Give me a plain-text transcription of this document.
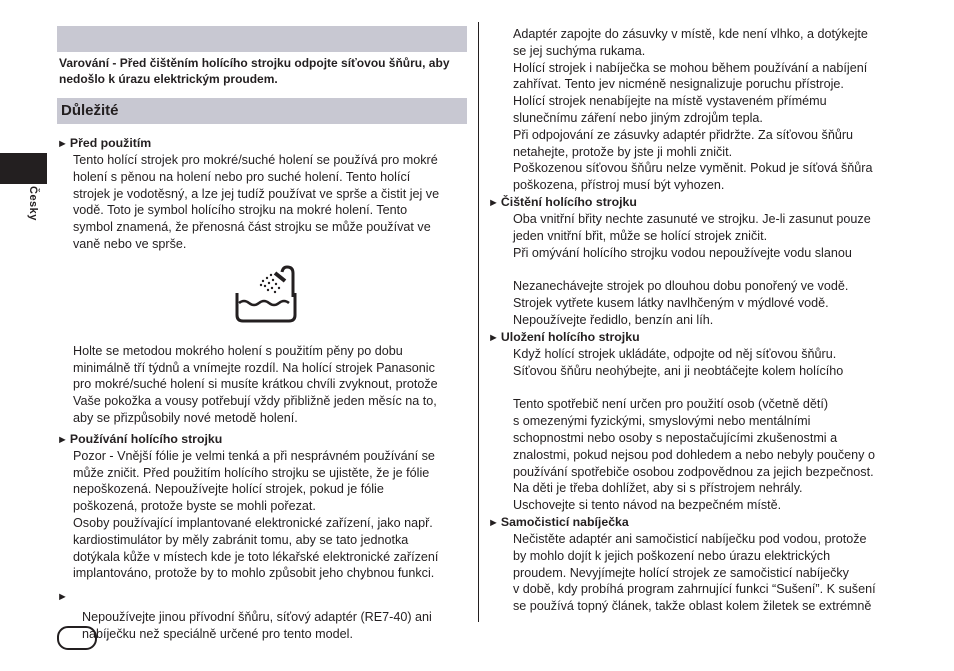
Česky

Varování - Před čištěním holícího strojku odpojte síťovou šňůru, aby nedošlo k úrazu elektrickým proudem.

Důležité

► Před použitím

Tento holící strojek pro mokré/suché holení se používá pro mokré

holení s pěnou na holení nebo pro suché holení. Tento holící

strojek je vodotěsný, a lze jej tudíž používat ve sprše a čistit jej ve

vodě. Toto je symbol holícího strojku na mokré holení. Tento

symbol znamená, že přenosná část strojku se může používat ve

vaně nebo ve sprše.

Holte se metodou mokrého holení s použitím pěny po dobu

minimálně tří týdnů a vnímejte rozdíl. Na holící strojek Panasonic

pro mokré/suché holení si musíte krátkou chvíli zvyknout, protože

Vaše pokožka a vousy potřebují vždy přibližně jeden měsíc na to,

aby se přizpůsobily nové metodě holení.

► Používání holícího strojku

Pozor - Vnější fólie je velmi tenká a při nesprávném používání se

může zničit. Před použitím holícího strojku se ujistěte, že je fólie

nepoškozená. Nepoužívejte holící strojek, pokud je fólie

poškozená, protože byste se mohli pořezat.

Osoby používající implantované elektronické zařízení, jako např.

kardiostimulátor by měly zabránit tomu, aby se tato jednotka

dotýkala kůže v místech kde je toto lékařské elektronické zařízení

implantováno, protože by to mohlo způsobit jeho chybnou funkci.

►

Nepoužívejte jinou přívodní šňůru, síťový adaptér (RE7-40) ani

nabíječku než speciálně určené pro tento model.

Adaptér zapojte do zásuvky v místě, kde není vlhko, a dotýkejte

se jej suchýma rukama.

Holící strojek i nabíječka se mohou během používání a nabíjení

zahřívat. Tento jev nicméně nesignalizuje poruchu přístroje.

Holící strojek nenabíjejte na místě vystaveném přímému

slunečnímu záření nebo jiným zdrojům tepla.

Při odpojování ze zásuvky adaptér přidržte. Za síťovou šňůru

netahejte, protože by jste ji mohli zničit.

Poškozenou síťovou šňůru nelze vyměnit. Pokud je síťová šňůra

poškozena, přístroj musí být vyhozen.

► Čištění holícího strojku

Oba vnitřní břity nechte zasunuté ve strojku. Je-li zasunut pouze

jeden vnitřní břit, může se holící strojek zničit.

Při omývání holícího strojku vodou nepoužívejte vodu slanou

Nezanechávejte strojek po dlouhou dobu ponořený ve vodě.

Strojek vytřete kusem látky navlhčeným v mýdlové vodě.

Nepoužívejte ředidlo, benzín ani líh.

► Uložení holícího strojku

Když holící strojek ukládáte, odpojte od něj síťovou šňůru.

Síťovou šňůru neohýbejte, ani ji neobtáčejte kolem holícího

Tento spotřebič není určen pro použití osob (včetně dětí)

s omezenými fyzickými, smyslovými nebo mentálními

schopnostmi nebo osoby s nepostačujícími zkušenostmi a

znalostmi, pokud nejsou pod dohledem a nebo nebyly poučeny o

používání spotřebiče osobou zodpovědnou za jejich bezpečnost.

Na děti je třeba dohlížet, aby si s přístrojem nehrály.

Uschovejte si tento návod na bezpečném místě.

► Samočisticí nabíječka

Nečistěte adaptér ani samočisticí nabíječku pod vodou, protože

by mohlo dojít k jejich poškození nebo úrazu elektrických

proudem. Nevyjímejte holící strojek ze samočisticí nabíječky

v době, kdy probíhá program zahrnující funkci “Sušení”. K sušení

se používá topný článek, takže oblast kolem žiletek se extrémně
